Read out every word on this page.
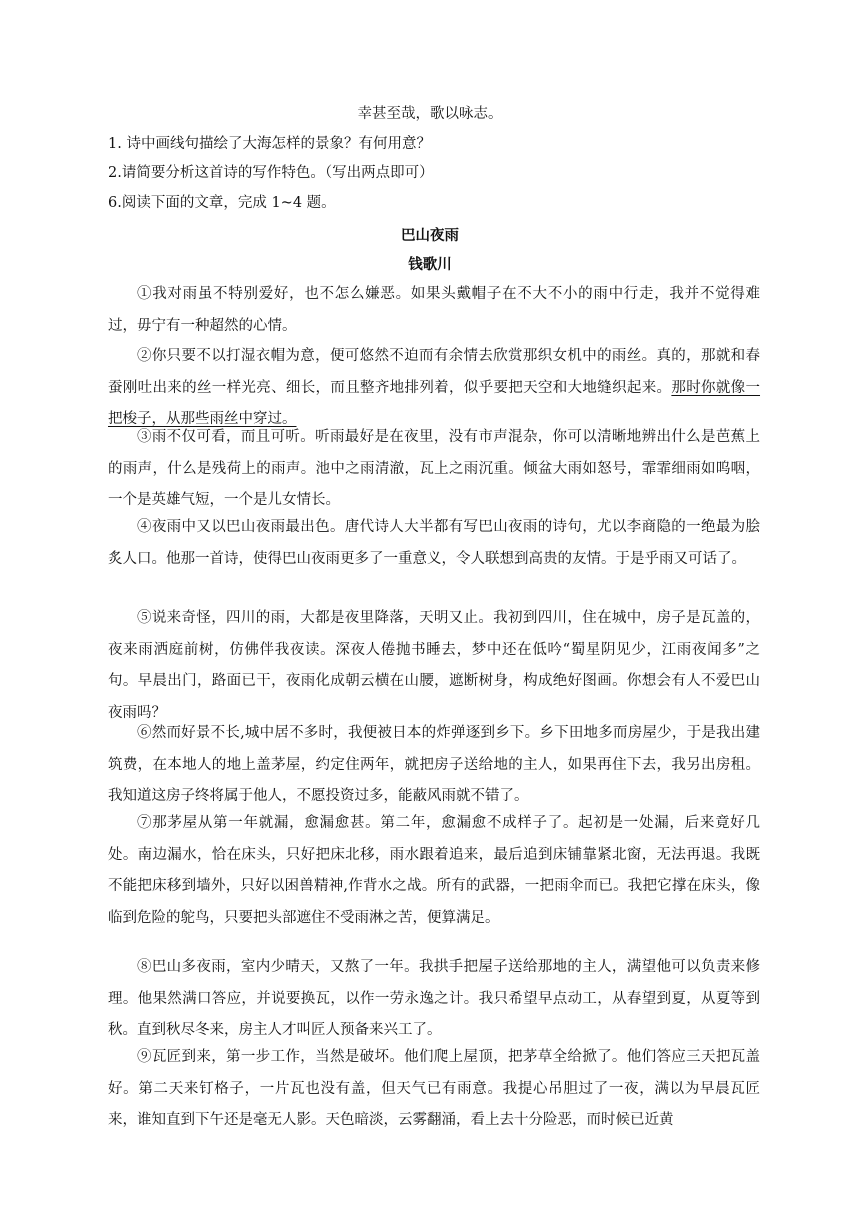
幸甚至哉，歌以咏志。
1. 诗中画线句描绘了大海怎样的景象？有何用意？
2.请简要分析这首诗的写作特色。（写出两点即可）
6.阅读下面的文章，完成 1~4 题。
巴山夜雨
钱歌川
①我对雨虽不特别爱好，也不怎么嫌恶。如果头戴帽子在不大不小的雨中行走，我并不觉得难过，毋宁有一种超然的心情。
②你只要不以打湿衣帽为意，便可悠然不迫而有余情去欣赏那织女机中的雨丝。真的，那就和春蚕刚吐出来的丝一样光亮、细长，而且整齐地排列着，似乎要把天空和大地缝织起来。那时你就像一把梭子，从那些雨丝中穿过。
③雨不仅可看，而且可听。听雨最好是在夜里，没有市声混杂，你可以清晰地辨出什么是芭蕉上的雨声，什么是残荷上的雨声。池中之雨清澈，瓦上之雨沉重。倾盆大雨如怒号，霏霏细雨如呜咽，一个是英雄气短，一个是儿女情长。
④夜雨中又以巴山夜雨最出色。唐代诗人大半都有写巴山夜雨的诗句，尤以李商隐的一绝最为脍炙人口。他那一首诗，使得巴山夜雨更多了一重意义，令人联想到高贵的友情。于是乎雨又可话了。
⑤说来奇怪，四川的雨，大都是夜里降落，天明又止。我初到四川，住在城中，房子是瓦盖的，夜来雨洒庭前树，仿佛伴我夜读。深夜人倦抛书睡去，梦中还在低吟“蜀星阴见少，江雨夜闻多”之句。早晨出门，路面已干，夜雨化成朝云横在山腰，遮断树身，构成绝好图画。你想会有人不爱巴山夜雨吗？
⑥然而好景不长,城中居不多时，我便被日本的炸弹逐到乡下。乡下田地多而房屋少，于是我出建筑费，在本地人的地上盖茅屋，约定住两年，就把房子送给地的主人，如果再住下去，我另出房租。我知道这房子终将属于他人，不愿投资过多，能蔽风雨就不错了。
⑦那茅屋从第一年就漏，愈漏愈甚。第二年，愈漏愈不成样子了。起初是一处漏，后来竟好几处。南边漏水，恰在床头，只好把床北移，雨水跟着追来，最后追到床铺靠紧北窗，无法再退。我既不能把床移到墙外，只好以困兽精神,作背水之战。所有的武器，一把雨伞而已。我把它撑在床头，像临到危险的鸵鸟，只要把头部遮住不受雨淋之苦，便算满足。
⑧巴山多夜雨，室内少晴天，又熬了一年。我拱手把屋子送给那地的主人，满望他可以负责来修理。他果然满口答应，并说要换瓦，以作一劳永逸之计。我只希望早点动工，从春望到夏，从夏等到秋。直到秋尽冬来，房主人才叫匠人预备来兴工了。
⑨瓦匠到来，第一步工作，当然是破坏。他们爬上屋顶，把茅草全给掀了。他们答应三天把瓦盖好。第二天来钉格子，一片瓦也没有盖，但天气已有雨意。我提心吊胆过了一夜，满以为早晨瓦匠来，谁知直到下午还是毫无人影。天色暗淡，云雾翻涌，看上去十分险恶，而时候已近黄
